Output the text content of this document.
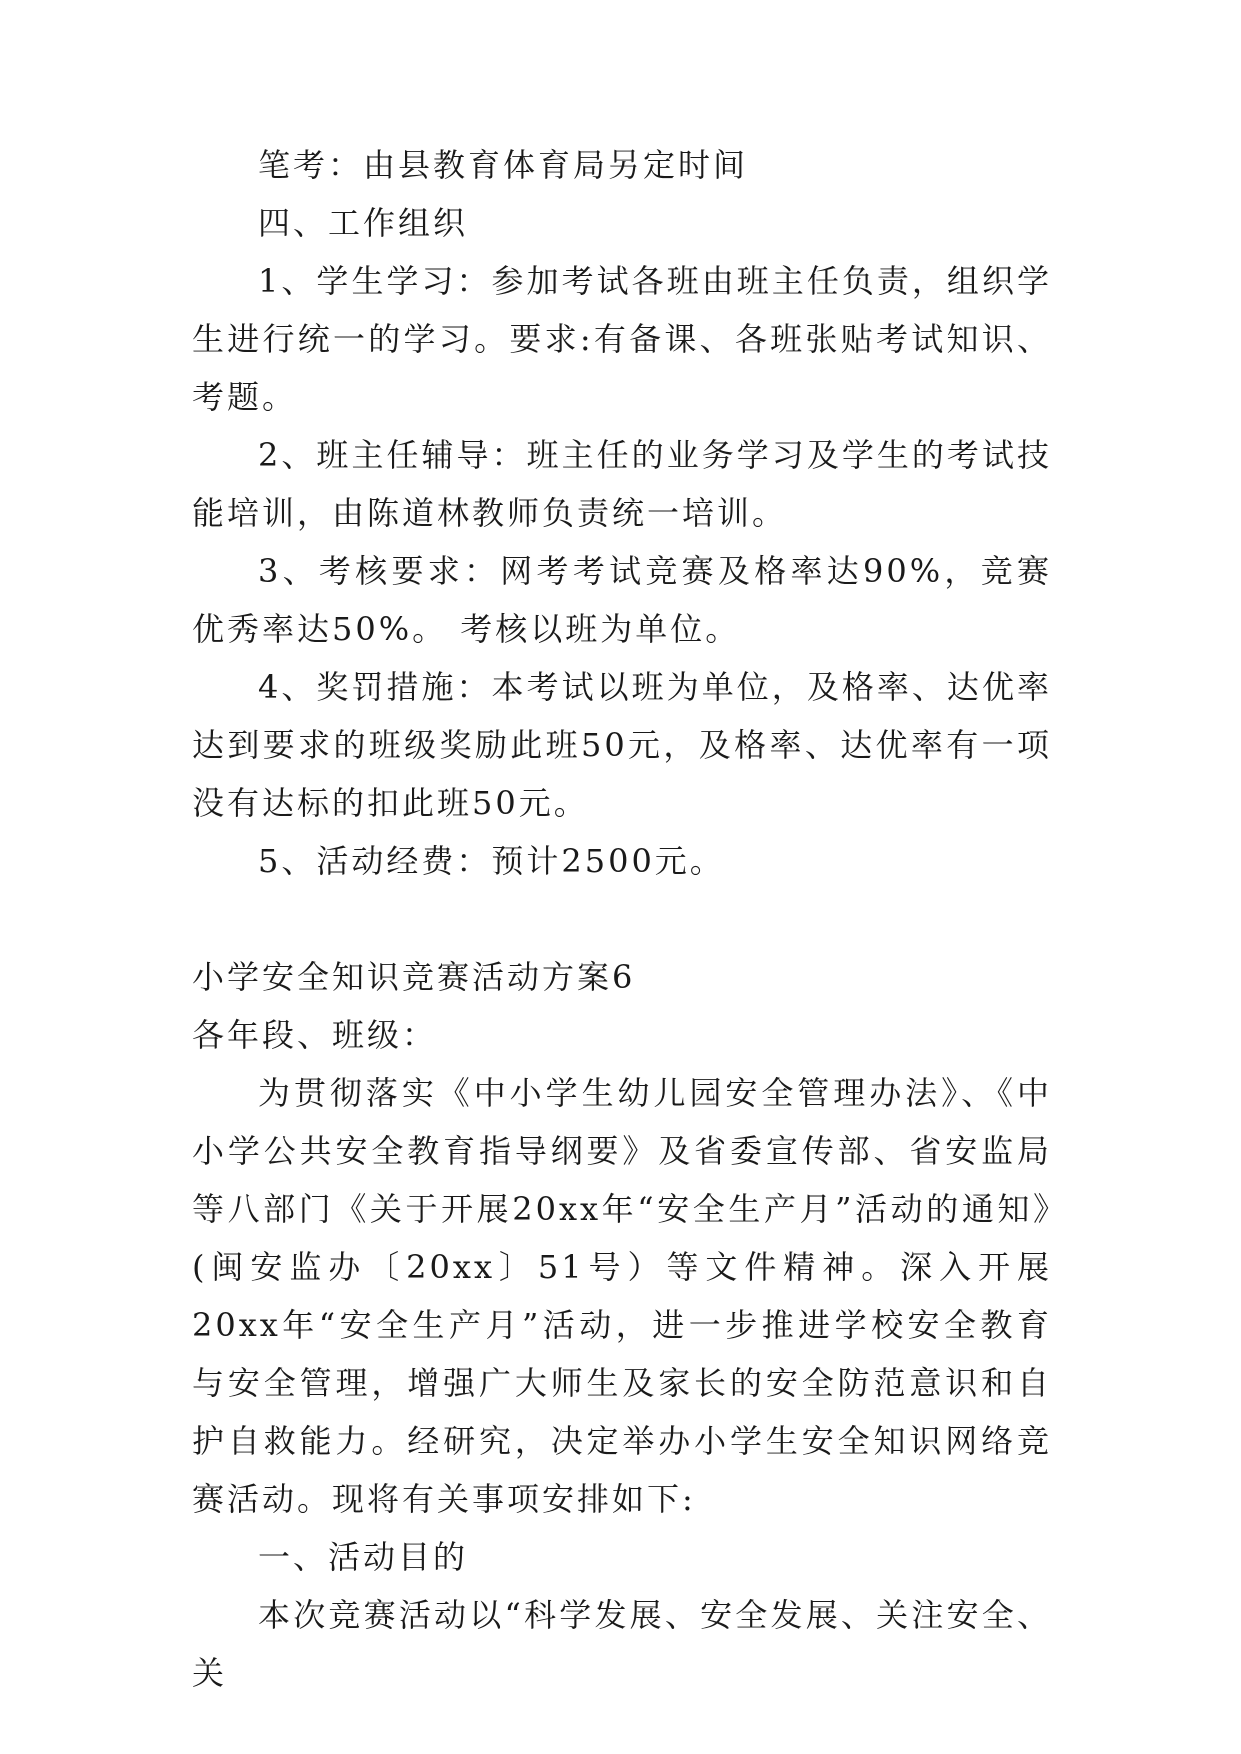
笔考：由县教育体育局另定时间

四、工作组织

1、学生学习：参加考试各班由班主任负责，组织学生进行统一的学习。要求:有备课、各班张贴考试知识、考题。

2、班主任辅导：班主任的业务学习及学生的考试技能培训，由陈道林教师负责统一培训。

3、考核要求：网考考试竞赛及格率达90%，竞赛优秀率达50%。 考核以班为单位。

4、奖罚措施：本考试以班为单位，及格率、达优率达到要求的班级奖励此班50元，及格率、达优率有一项没有达标的扣此班50元。

5、活动经费：预计2500元。

小学安全知识竞赛活动方案6

各年段、班级：

为贯彻落实《中小学生幼儿园安全管理办法》、《中小学公共安全教育指导纲要》及省委宣传部、省安监局等八部门《关于开展20xx年“安全生产月”活动的通知》(闽安监办〔20xx〕51号）等文件精神。深入开展20xx年“安全生产月”活动，进一步推进学校安全教育与安全管理，增强广大师生及家长的安全防范意识和自护自救能力。经研究，决定举办小学生安全知识网络竞赛活动。现将有关事项安排如下:

一、活动目的

本次竞赛活动以“科学发展、安全发展、关注安全、关
